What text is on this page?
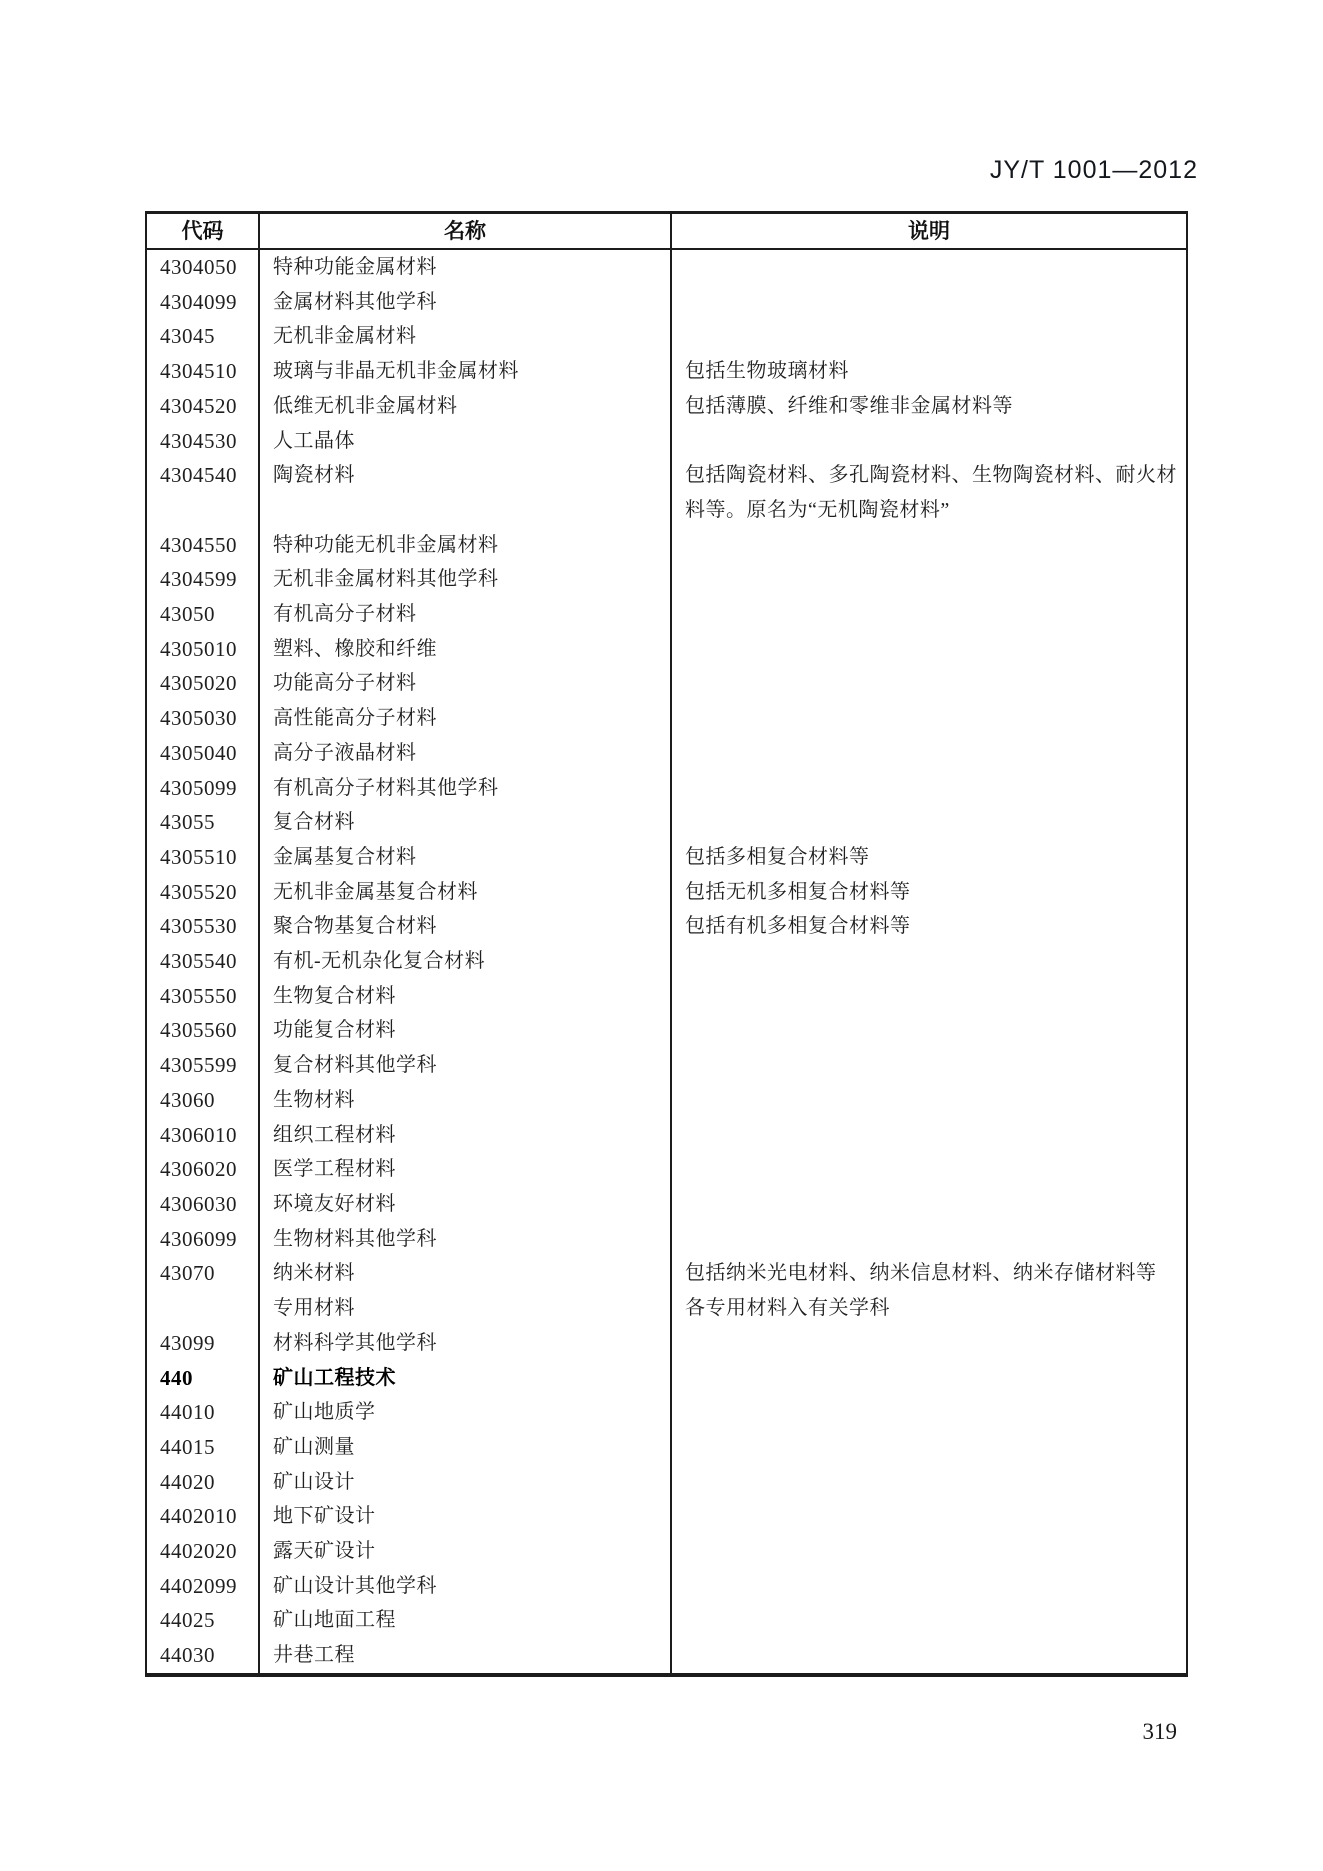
JY/T 1001—2012
代码	名称	说明
4304050	特种功能金属材料	
4304099	金属材料其他学科	
43045	无机非金属材料	
4304510	玻璃与非晶无机非金属材料	包括生物玻璃材料
4304520	低维无机非金属材料	包括薄膜、纤维和零维非金属材料等
4304530	人工晶体	
4304540	陶瓷材料	包括陶瓷材料、多孔陶瓷材料、生物陶瓷材料、耐火材料等。原名为“无机陶瓷材料”
4304550	特种功能无机非金属材料	
4304599	无机非金属材料其他学科	
43050	有机高分子材料	
4305010	塑料、橡胶和纤维	
4305020	功能高分子材料	
4305030	高性能高分子材料	
4305040	高分子液晶材料	
4305099	有机高分子材料其他学科	
43055	复合材料	
4305510	金属基复合材料	包括多相复合材料等
4305520	无机非金属基复合材料	包括无机多相复合材料等
4305530	聚合物基复合材料	包括有机多相复合材料等
4305540	有机-无机杂化复合材料	
4305550	生物复合材料	
4305560	功能复合材料	
4305599	复合材料其他学科	
43060	生物材料	
4306010	组织工程材料	
4306020	医学工程材料	
4306030	环境友好材料	
4306099	生物材料其他学科	
43070	纳米材料	包括纳米光电材料、纳米信息材料、纳米存储材料等
	专用材料	各专用材料入有关学科
43099	材料科学其他学科	
440	矿山工程技术	
44010	矿山地质学	
44015	矿山测量	
44020	矿山设计	
4402010	地下矿设计	
4402020	露天矿设计	
4402099	矿山设计其他学科	
44025	矿山地面工程	
44030	井巷工程	
319
